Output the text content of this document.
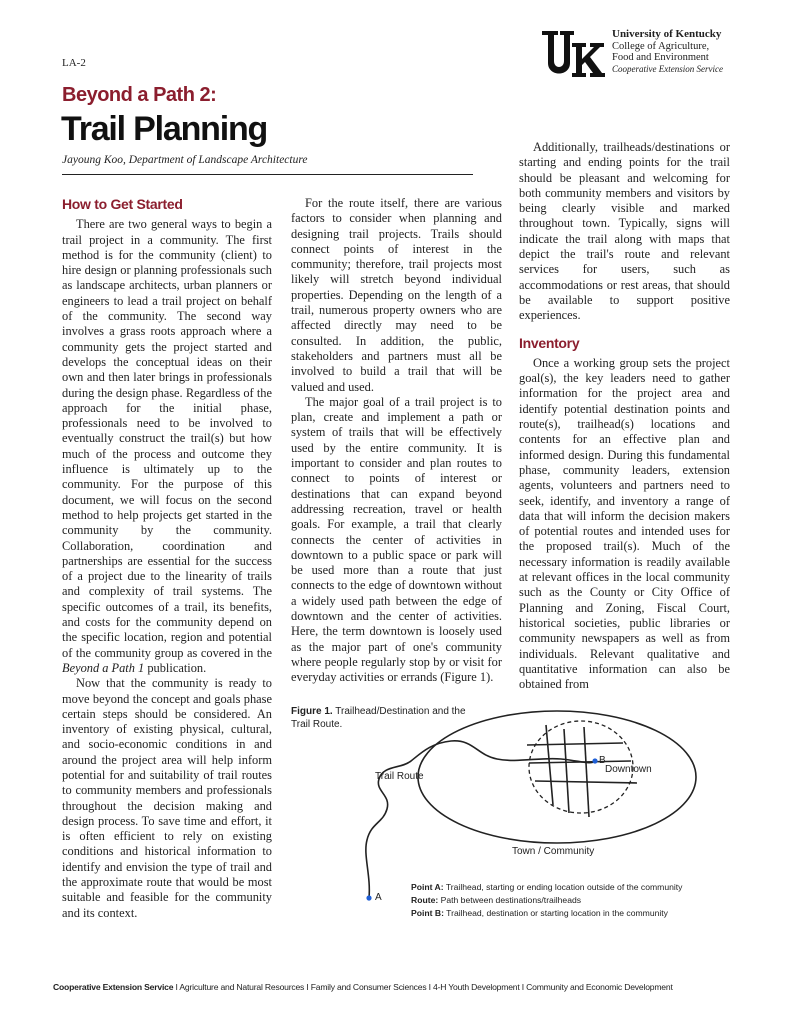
LA-2
University of Kentucky
College of Agriculture,
Food and Environment
Cooperative Extension Service
Beyond a Path 2:
Trail Planning
Jayoung Koo, Department of Landscape Architecture
How to Get Started

There are two general ways to begin a trail project in a community. The first method is for the community (client) to hire design or planning professionals such as landscape architects, urban planners or engineers to lead a trail project on behalf of the community. The second way involves a grass roots approach where a community gets the project started and develops the conceptual ideas on their own and then later brings in professionals during the design phase. Regardless of the approach for the initial phase, professionals need to be involved to eventually construct the trail(s) but how much of the process and outcome they influence is ultimately up to the community. For the purpose of this document, we will focus on the second method to help projects get started in the community by the community. Collaboration, coordination and partnerships are essential for the success of a project due to the linearity of trails and complexity of trail systems. The specific outcomes of a trail, its benefits, and costs for the community depend on the specific location, region and potential of the community group as covered in the Beyond a Path 1 publication.

Now that the community is ready to move beyond the concept and goals phase certain steps should be considered. An inventory of existing physical, cultural, and socio-economic conditions in and around the project area will help inform potential for and suitability of trail routes to community members and professionals throughout the decision making and design process. To save time and effort, it is often efficient to rely on existing conditions and historical information to identify and envision the type of trail and the approximate route that would be most suitable and feasible for the community and its context.

For the route itself, there are various factors to consider when planning and designing trail projects. Trails should connect points of interest in the community; therefore, trail projects most likely will stretch beyond individual properties. Depending on the length of a trail, numerous property owners who are affected directly may need to be consulted. In addition, the public, stakeholders and partners must all be involved to build a trail that will be valued and used.

The major goal of a trail project is to plan, create and implement a path or system of trails that will be effectively used by the entire community. It is important to consider and plan routes to connect to points of interest or destinations that can expand beyond addressing recreation, travel or health goals. For example, a trail that clearly connects the center of activities in downtown to a public space or park will be used more than a route that just connects to the edge of downtown without a widely used path between the edge of downtown and the center of activities. Here, the term downtown is loosely used as the major part of one's community where people regularly stop by or visit for everyday activities or errands (Figure 1).

Additionally, trailheads/destinations or starting and ending points for the trail should be pleasant and welcoming for both community members and visitors by being clearly visible and marked throughout town. Typically, signs will indicate the trail along with maps that depict the trail's route and relevant services for users, such as accommodations or rest areas, that should be available to support positive experiences.

Inventory

Once a working group sets the project goal(s), the key leaders need to gather information for the project area and identify potential destination points and route(s), trailhead(s) locations and contents for an effective plan and informed design. During this fundamental phase, community leaders, extension agents, volunteers and partners need to seek, identify, and inventory a range of data that will inform the decision makers of potential routes and intended uses for the proposed trail(s). Much of the necessary information is readily available at relevant offices in the local community such as the County or City Office of Planning and Zoning, Fiscal Court, historical societies, public libraries or community newspapers as well as from individuals. Relevant qualitative and quantitative information can also be obtained from

A
B
Trail Route
Downtown
Town / Community
Figure 1. Trailhead/Destination and the Trail Route.
Point A: Trailhead, starting or ending location outside of the community
Route: Path between destinations/trailheads
Point B: Trailhead, destination or starting location in the community
Cooperative Extension Service I Agriculture and Natural Resources I Family and Consumer Sciences I 4-H Youth Development I Community and Economic Development
